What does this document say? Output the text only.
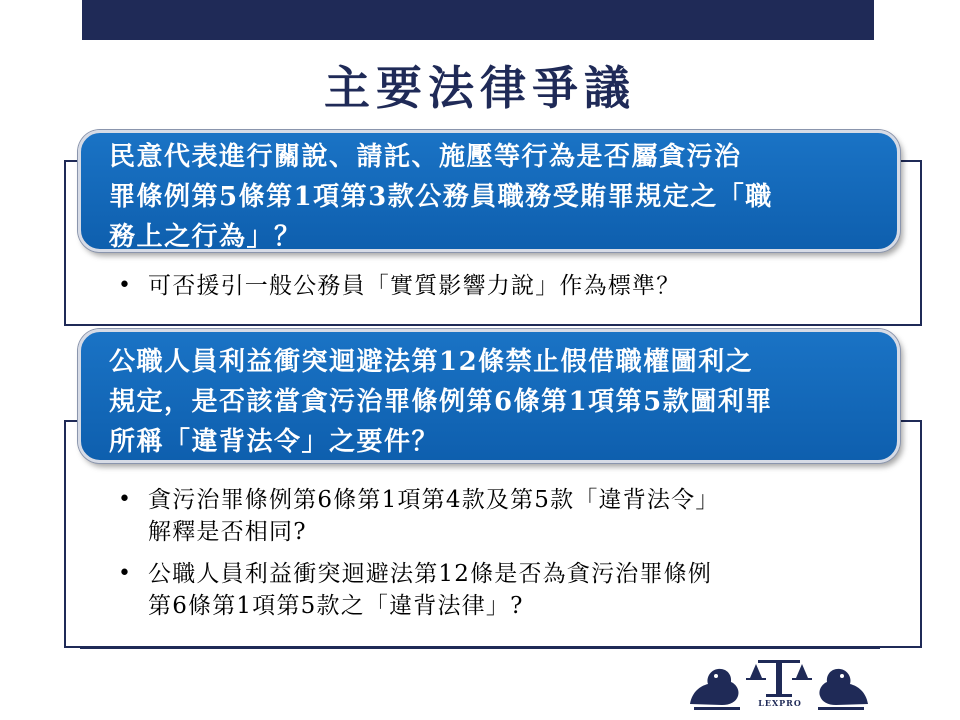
主要法律爭議
民意代表進行關說、請託、施壓等行為是否屬貪污治
罪條例第5條第1項第3款公務員職務受賄罪規定之「職
務上之行為」？
• 可否援引一般公務員「實質影響力說」作為標準？
公職人員利益衝突迴避法第12條禁止假借職權圖利之
規定，是否該當貪污治罪條例第6條第1項第5款圖利罪
所稱「違背法令」之要件？
• 貪污治罪條例第6條第1項第4款及第5款「違背法令」
解釋是否相同?
• 公職人員利益衝突迴避法第12條是否為貪污治罪條例
第6條第1項第5款之「違背法律」?
LEXPRO
